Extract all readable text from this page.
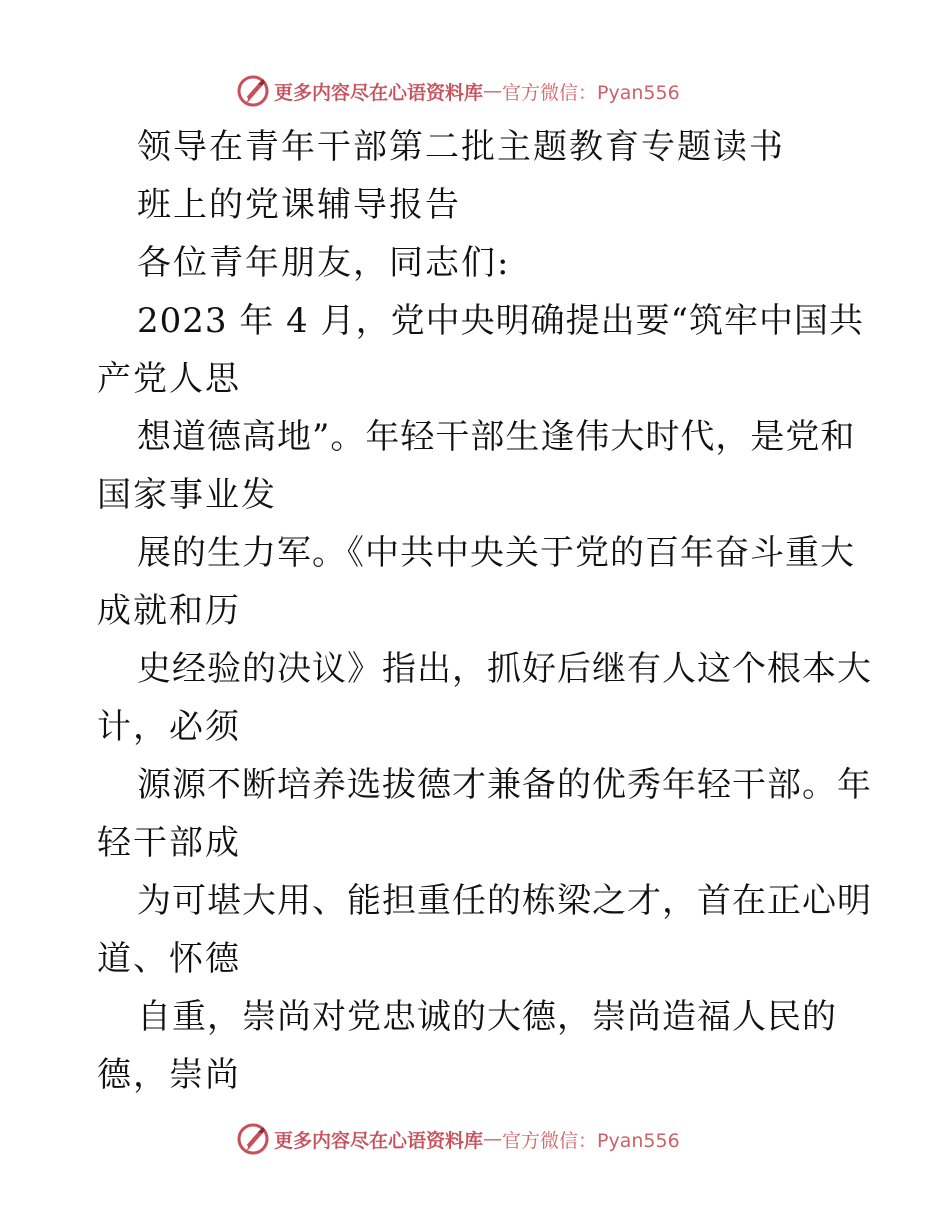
更多内容尽在心语资料库 — 官方微信：Pyan556
领导在青年干部第二批主题教育专题读书
班上的党课辅导报告
各位青年朋友，同志们:
2023 年 4 月，党中央明确提出要“筑牢中国共
产党人思
想道德高地”。年轻干部生逢伟大时代，是党和
国家事业发
展的生力军。《中共中央关于党的百年奋斗重大
成就和历
史经验的决议》指出，抓好后继有人这个根本大
计，必须
源源不断培养选拔德才兼备的优秀年轻干部。年
轻干部成
为可堪大用、能担重任的栋梁之才，首在正心明
道、怀德
自重，崇尚对党忠诚的大德，崇尚造福人民的
德，崇尚
更多内容尽在心语资料库 — 官方微信：Pyan556
